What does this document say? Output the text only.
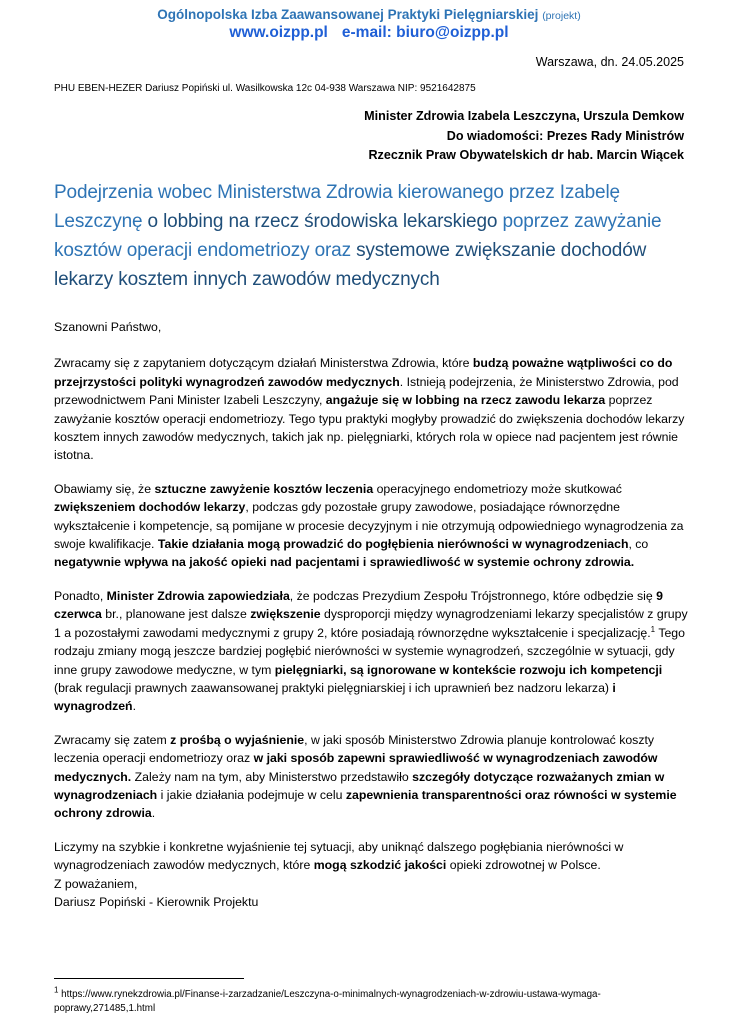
Ogólnopolska Izba Zaawansowanej Praktyki Pielęgniarskiej (projekt)
www.oizpp.pl e-mail: biuro@oizpp.pl
Warszawa, dn. 24.05.2025
PHU EBEN-HEZER Dariusz Popiński ul. Wasilkowska 12c 04-938 Warszawa NIP: 9521642875
Minister Zdrowia Izabela Leszczyna, Urszula Demkow
Do wiadomości: Prezes Rady Ministrów
Rzecznik Praw Obywatelskich dr hab. Marcin Wiącek
Podejrzenia wobec Ministerstwa Zdrowia kierowanego przez Izabelę Leszczynę o lobbing na rzecz środowiska lekarskiego poprzez zawyżanie kosztów operacji endometriozy oraz systemowe zwiększanie dochodów lekarzy kosztem innych zawodów medycznych

Szanowni Państwo,

Zwracamy się z zapytaniem dotyczącym działań Ministerstwa Zdrowia, które budzą poważne wątpliwości co do przejrzystości polityki wynagrodzeń zawodów medycznych. Istnieją podejrzenia, że Ministerstwo Zdrowia, pod przewodnictwem Pani Minister Izabeli Leszczyny, angażuje się w lobbing na rzecz zawodu lekarza poprzez zawyżanie kosztów operacji endometriozy. Tego typu praktyki mogłyby prowadzić do zwiększenia dochodów lekarzy kosztem innych zawodów medycznych, takich jak np. pielęgniarki, których rola w opiece nad pacjentem jest równie istotna.

Obawiamy się, że sztuczne zawyżenie kosztów leczenia operacyjnego endometriozy może skutkować zwiększeniem dochodów lekarzy, podczas gdy pozostałe grupy zawodowe, posiadające równorzędne wykształcenie i kompetencje, są pomijane w procesie decyzyjnym i nie otrzymują odpowiedniego wynagrodzenia za swoje kwalifikacje. Takie działania mogą prowadzić do pogłębienia nierówności w wynagrodzeniach, co negatywnie wpływa na jakość opieki nad pacjentami i sprawiedliwość w systemie ochrony zdrowia.

Ponadto, Minister Zdrowia zapowiedziała, że podczas Prezydium Zespołu Trójstronnego, które odbędzie się 9 czerwca br., planowane jest dalsze zwiększenie dysproporcji między wynagrodzeniami lekarzy specjalistów z grupy 1 a pozostałymi zawodami medycznymi z grupy 2, które posiadają równorzędne wykształcenie i specjalizację.$^1$ Tego rodzaju zmiany mogą jeszcze bardziej pogłębić nierówności w systemie wynagrodzeń, szczególnie w sytuacji, gdy inne grupy zawodowe medyczne, w tym pielęgniarki, są ignorowane w kontekście rozwoju ich kompetencji (brak regulacji prawnych zaawansowanej praktyki pielęgniarskiej i ich uprawnień bez nadzoru lekarza) i wynagrodzeń.

Zwracamy się zatem z prośbą o wyjaśnienie, w jaki sposób Ministerstwo Zdrowia planuje kontrolować koszty leczenia operacji endometriozy oraz w jaki sposób zapewni sprawiedliwość w wynagrodzeniach zawodów medycznych. Zależy nam na tym, aby Ministerstwo przedstawiło szczegóły dotyczące rozważanych zmian w wynagrodzeniach i jakie działania podejmuje w celu zapewnienia transparentności oraz równości w systemie ochrony zdrowia.

Liczymy na szybkie i konkretne wyjaśnienie tej sytuacji, aby uniknąć dalszego pogłębiania nierówności w wynagrodzeniach zawodów medycznych, które mogą szkodzić jakości opieki zdrowotnej w Polsce.

Z poważaniem,
Dariusz Popiński - Kierownik Projektu
$^1$ https://www.rynekzdrowia.pl/Finanse-i-zarzadzanie/Leszczyna-o-minimalnych-wynagrodzeniach-w-zdrowiu-ustawa-wymaga-poprawy,271485,1.html
